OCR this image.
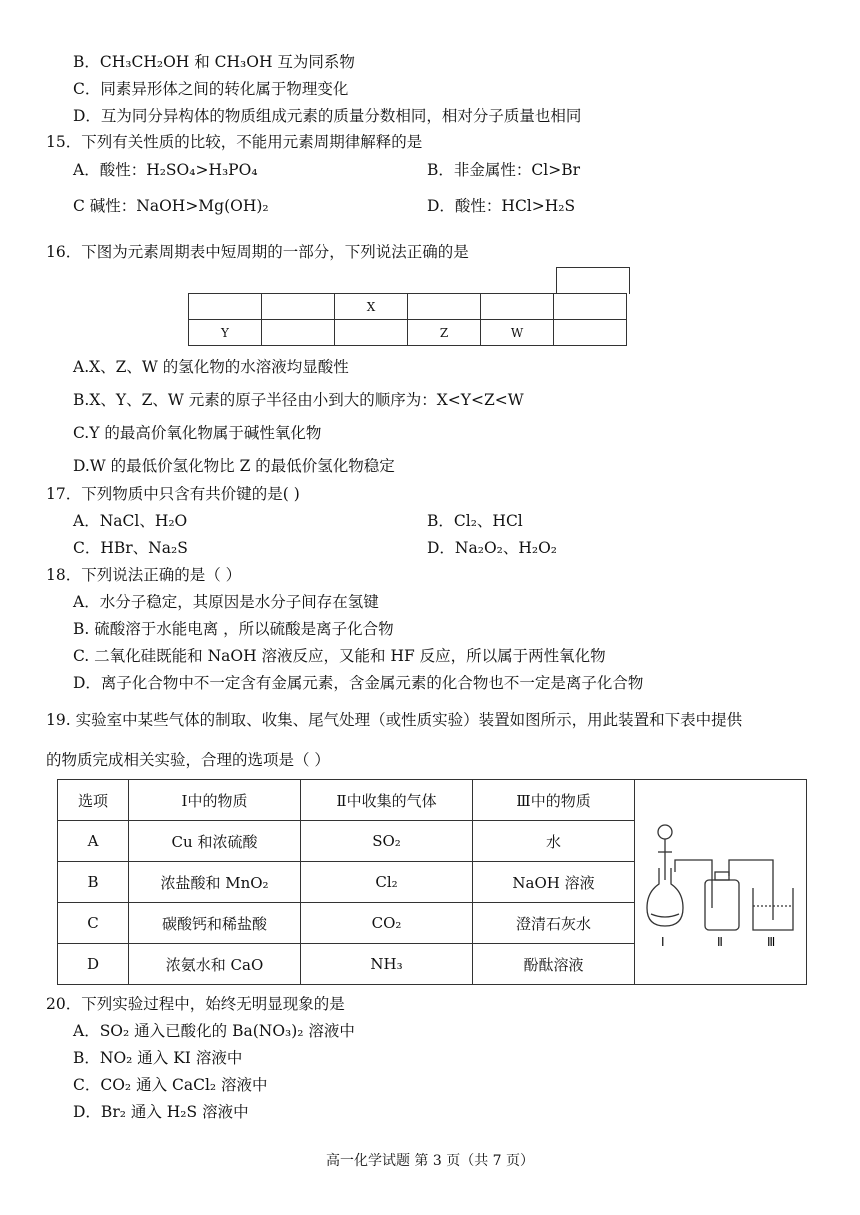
B．CH₃CH₂OH 和 CH₃OH 互为同系物
C．同素异形体之间的转化属于物理变化
D．互为同分异构体的物质组成元素的质量分数相同，相对分子质量也相同
15．下列有关性质的比较，不能用元素周期律解释的是
A．酸性：H₂SO₄>H₃PO₄	B．非金属性：Cl>Br
C 碱性：NaOH>Mg(OH)₂	D．酸性：HCl>H₂S
16．下图为元素周期表中短周期的一部分，下列说法正确的是
		X			
Y			Z	W	
A.X、Z、W 的氢化物的水溶液均显酸性
B.X、Y、Z、W 元素的原子半径由小到大的顺序为：X<Y<Z<W
C.Y 的最高价氧化物属于碱性氧化物
D.W 的最低价氢化物比 Z 的最低价氢化物稳定
17．下列物质中只含有共价键的是( )
A．NaCl、H₂O	B．Cl₂、HCl
C．HBr、Na₂S	D．Na₂O₂、H₂O₂
18．下列说法正确的是（ ）
A．水分子稳定，其原因是水分子间存在氢键
B. 硫酸溶于水能电离 ，所以硫酸是离子化合物
C. 二氧化硅既能和 NaOH 溶液反应，又能和 HF 反应，所以属于两性氧化物
D．离子化合物中不一定含有金属元素，含金属元素的化合物也不一定是离子化合物
19. 实验室中某些气体的制取、收集、尾气处理（或性质实验）装置如图所示，用此装置和下表中提供
的物质完成相关实验，合理的选项是（ ）
选项	Ⅰ中的物质	Ⅱ中收集的气体	Ⅲ中的物质	Ⅰ Ⅱ Ⅲ

A	Cu 和浓硫酸	SO₂	水	
B	浓盐酸和 MnO₂	Cl₂	NaOH 溶液	
C	碳酸钙和稀盐酸	CO₂	澄清石灰水	
D	浓氨水和 CaO	NH₃	酚酞溶液	
20．下列实验过程中，始终无明显现象的是
A．SO₂ 通入已酸化的 Ba(NO₃)₂ 溶液中
B．NO₂ 通入 KI 溶液中
C．CO₂ 通入 CaCl₂ 溶液中
D．Br₂ 通入 H₂S 溶液中
高一化学试题 第 3 页（共 7 页）
